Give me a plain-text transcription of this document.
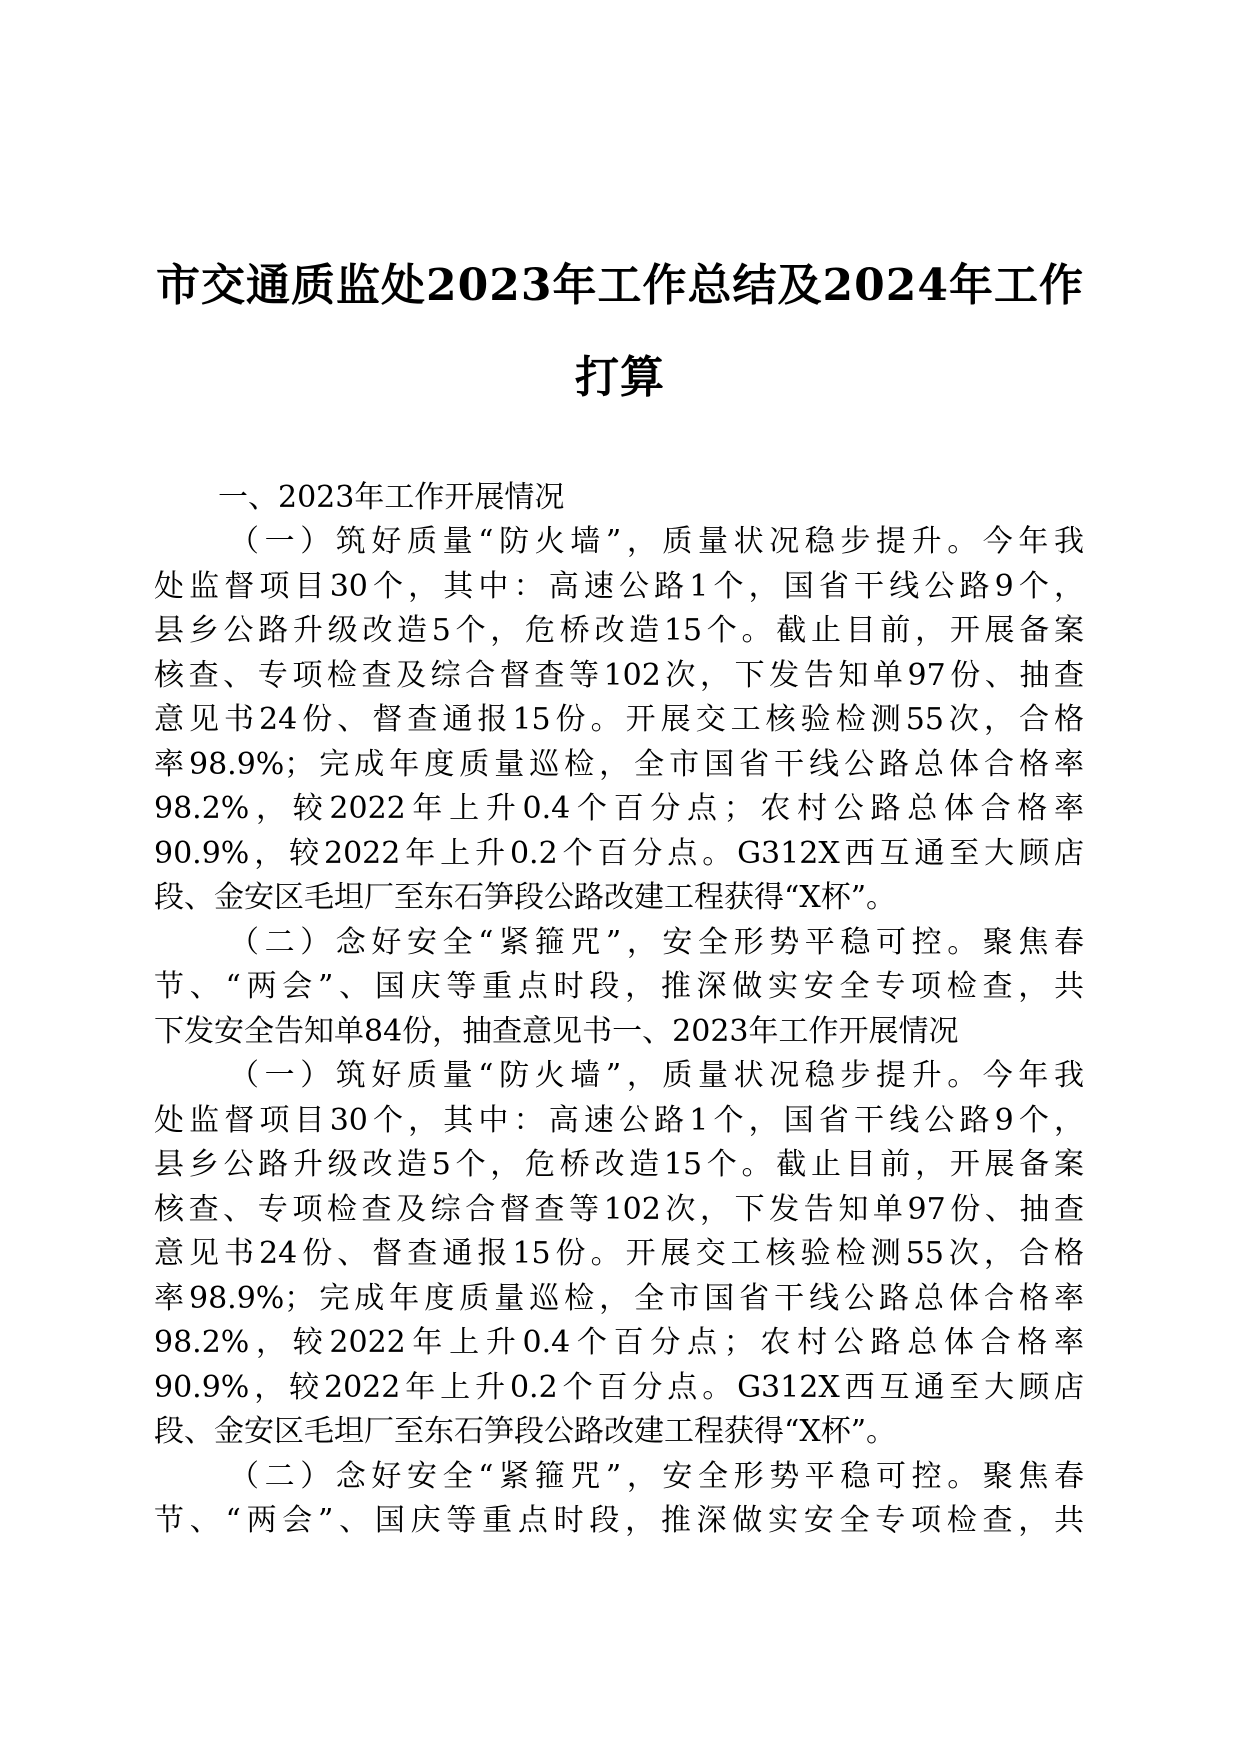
市交通质监处2023年工作总结及2024年工作
打算
一、2023年工作开展情况
（一）筑好质量“防火墙”，质量状况稳步提升。今年我
处监督项目30个，其中：高速公路1个，国省干线公路9个，
县乡公路升级改造5个，危桥改造15个。截止目前，开展备案
核查、专项检查及综合督查等102次，下发告知单97份、抽查
意见书24份、督查通报15份。开展交工核验检测55次，合格
率98.9%；完成年度质量巡检，全市国省干线公路总体合格率
98.2%，较2022年上升0.4个百分点；农村公路总体合格率
90.9%，较2022年上升0.2个百分点。G312X西互通至大顾店
段、金安区毛坦厂至东石笋段公路改建工程获得“X杯”。
（二）念好安全“紧箍咒”，安全形势平稳可控。聚焦春
节、“两会”、国庆等重点时段，推深做实安全专项检查，共
下发安全告知单84份，抽查意见书一、2023年工作开展情况
（一）筑好质量“防火墙”，质量状况稳步提升。今年我
处监督项目30个，其中：高速公路1个，国省干线公路9个，
县乡公路升级改造5个，危桥改造15个。截止目前，开展备案
核查、专项检查及综合督查等102次，下发告知单97份、抽查
意见书24份、督查通报15份。开展交工核验检测55次，合格
率98.9%；完成年度质量巡检，全市国省干线公路总体合格率
98.2%，较2022年上升0.4个百分点；农村公路总体合格率
90.9%，较2022年上升0.2个百分点。G312X西互通至大顾店
段、金安区毛坦厂至东石笋段公路改建工程获得“X杯”。
（二）念好安全“紧箍咒”，安全形势平稳可控。聚焦春
节、“两会”、国庆等重点时段，推深做实安全专项检查，共
